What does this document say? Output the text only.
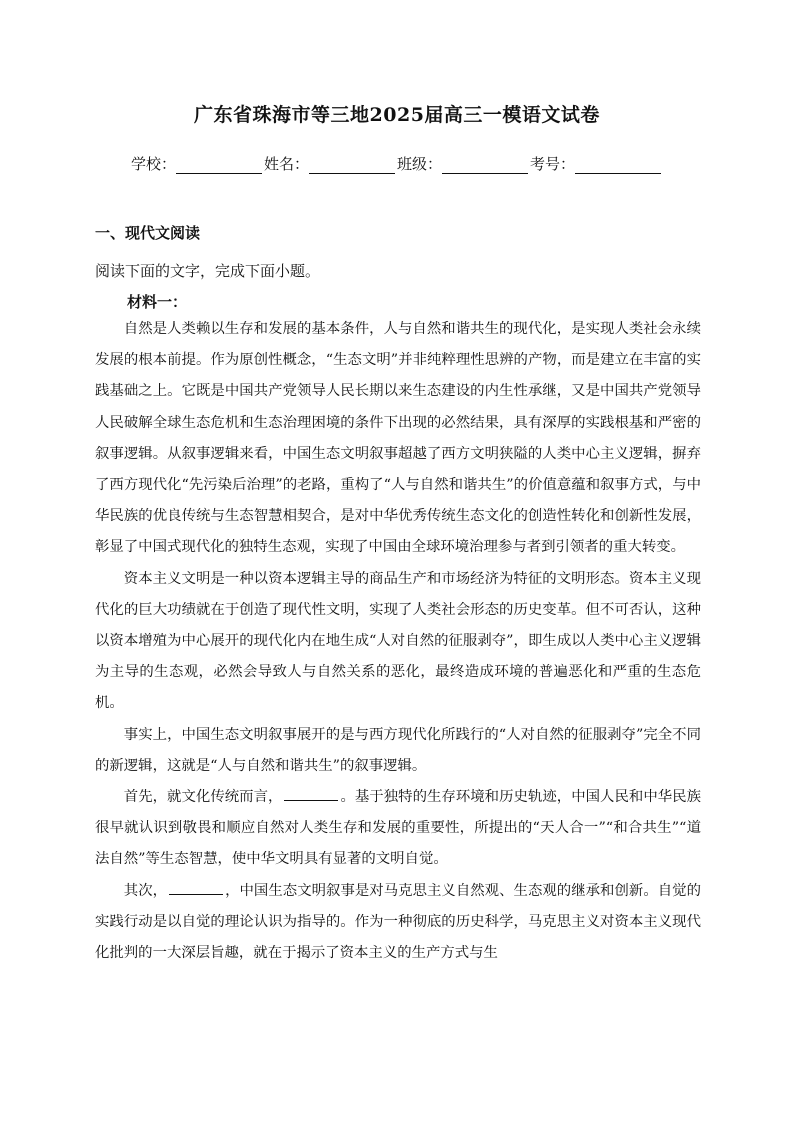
广东省珠海市等三地2025届高三一模语文试卷
学校：	姓名：	班级：	考号：
一、现代文阅读

阅读下面的文字，完成下面小题。

材料一：

自然是人类赖以生存和发展的基本条件，人与自然和谐共生的现代化，是实现人类社会永续发展的根本前提。作为原创性概念，“生态文明”并非纯粹理性思辨的产物，而是建立在丰富的实践基础之上。它既是中国共产党领导人民长期以来生态建设的内生性承继，又是中国共产党领导人民破解全球生态危机和生态治理困境的条件下出现的必然结果，具有深厚的实践根基和严密的叙事逻辑。从叙事逻辑来看，中国生态文明叙事超越了西方文明狭隘的人类中心主义逻辑，摒弃了西方现代化“先污染后治理”的老路，重构了“人与自然和谐共生”的价值意蕴和叙事方式，与中华民族的优良传统与生态智慧相契合，是对中华优秀传统生态文化的创造性转化和创新性发展，彰显了中国式现代化的独特生态观，实现了中国由全球环境治理参与者到引领者的重大转变。

资本主义文明是一种以资本逻辑主导的商品生产和市场经济为特征的文明形态。资本主义现代化的巨大功绩就在于创造了现代性文明，实现了人类社会形态的历史变革。但不可否认，这种以资本增殖为中心展开的现代化内在地生成“人对自然的征服剥夺”，即生成以人类中心主义逻辑为主导的生态观，必然会导致人与自然关系的恶化，最终造成环境的普遍恶化和严重的生态危机。

事实上，中国生态文明叙事展开的是与西方现代化所践行的“人对自然的征服剥夺”完全不同的新逻辑，这就是“人与自然和谐共生”的叙事逻辑。

首先，就文化传统而言，	。基于独特的生存环境和历史轨迹，中国人民和中华民族很早就认识到敬畏和顺应自然对人类生存和发展的重要性，所提出的“天人合一”“和合共生”“道法自然”等生态智慧，使中华文明具有显著的文明自觉。

其次，	，中国生态文明叙事是对马克思主义自然观、生态观的继承和创新。自觉的实践行动是以自觉的理论认识为指导的。作为一种彻底的历史科学，马克思主义对资本主义现代化批判的一大深层旨趣，就在于揭示了资本主义的生产方式与生
